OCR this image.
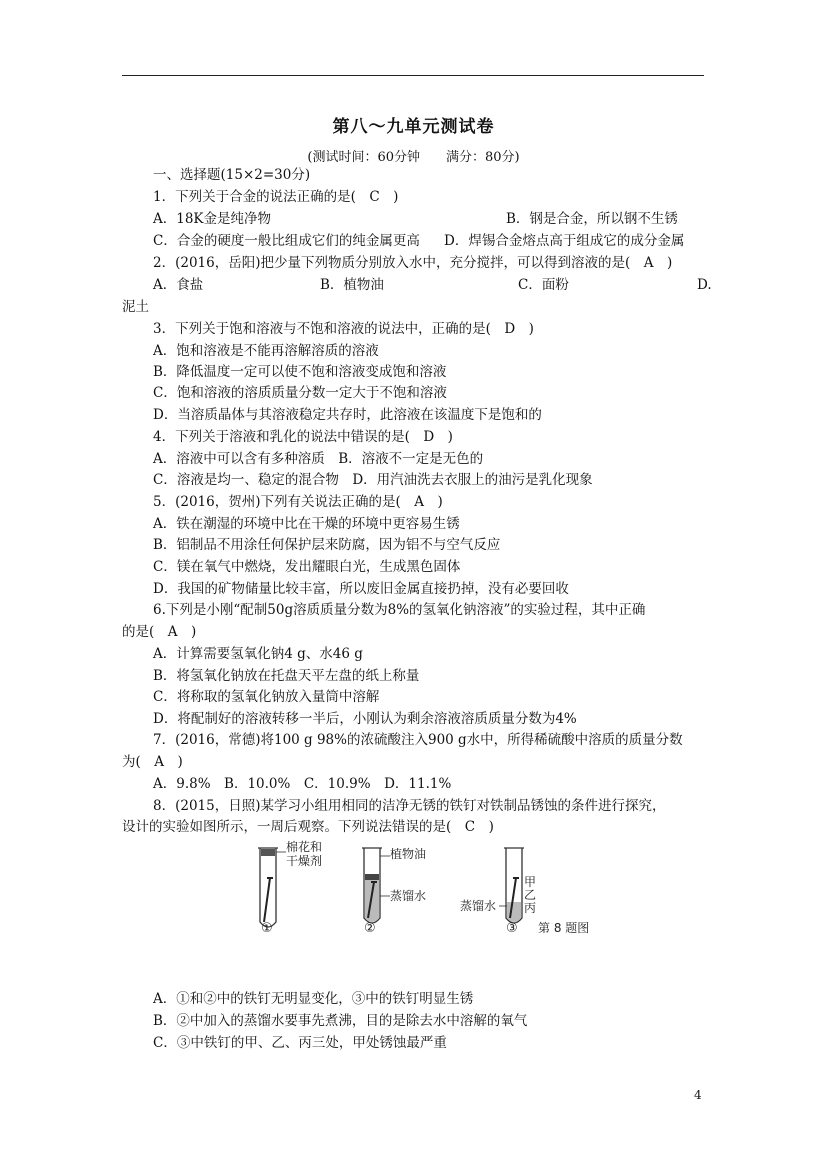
第八～九单元测试卷
(测试时间：60分钟　　满分：80分)
一、选择题(15×2=30分)
1．下列关于合金的说法正确的是(　C　)
A．18K金是纯净物	B．钢是合金，所以钢不生锈
C．合金的硬度一般比组成它们的纯金属更高 D．焊锡合金熔点高于组成它的成分金属
2．(2016，岳阳)把少量下列物质分别放入水中，充分搅拌，可以得到溶液的是(　A　)
A．食盐	B．植物油	C．面粉	D.
泥土
3．下列关于饱和溶液与不饱和溶液的说法中，正确的是(　D　)
A．饱和溶液是不能再溶解溶质的溶液
B．降低温度一定可以使不饱和溶液变成饱和溶液
C．饱和溶液的溶质质量分数一定大于不饱和溶液
D．当溶质晶体与其溶液稳定共存时，此溶液在该温度下是饱和的
4．下列关于溶液和乳化的说法中错误的是(　D　)
A．溶液中可以含有多种溶质　B．溶液不一定是无色的
C．溶液是均一、稳定的混合物　D．用汽油洗去衣服上的油污是乳化现象
5．(2016，贺州)下列有关说法正确的是(　A　)
A．铁在潮湿的环境中比在干燥的环境中更容易生锈
B．铝制品不用涂任何保护层来防腐，因为铝不与空气反应
C．镁在氧气中燃烧，发出耀眼白光，生成黑色固体
D．我国的矿物储量比较丰富，所以废旧金属直接扔掉，没有必要回收
6.下列是小刚“配制50g溶质质量分数为8%的氢氧化钠溶液”的实验过程，其中正确
的是(　A　)
A．计算需要氢氧化钠4 g、水46 g
B．将氢氧化钠放在托盘天平左盘的纸上称量
C．将称取的氢氧化钠放入量筒中溶解
D．将配制好的溶液转移一半后，小刚认为剩余溶液溶质质量分数为4%
7．(2016，常德)将100 g 98%的浓硫酸注入900 g水中，所得稀硫酸中溶质的质量分数
为(　A　)
A．9.8%　B．10.0%　C．10.9%　D．11.1%
8．(2015，日照)某学习小组用相同的洁净无锈的铁钉对铁制品锈蚀的条件进行探究，
设计的实验如图所示，一周后观察。下列说法错误的是(　C　)
棉花和
干燥剂
①
植物油
蒸馏水
②
蒸馏水
甲
乙
丙
③ 第 8 题图
A．①和②中的铁钉无明显变化，③中的铁钉明显生锈
B．②中加入的蒸馏水要事先煮沸，目的是除去水中溶解的氧气
C．③中铁钉的甲、乙、丙三处，甲处锈蚀最严重
4
